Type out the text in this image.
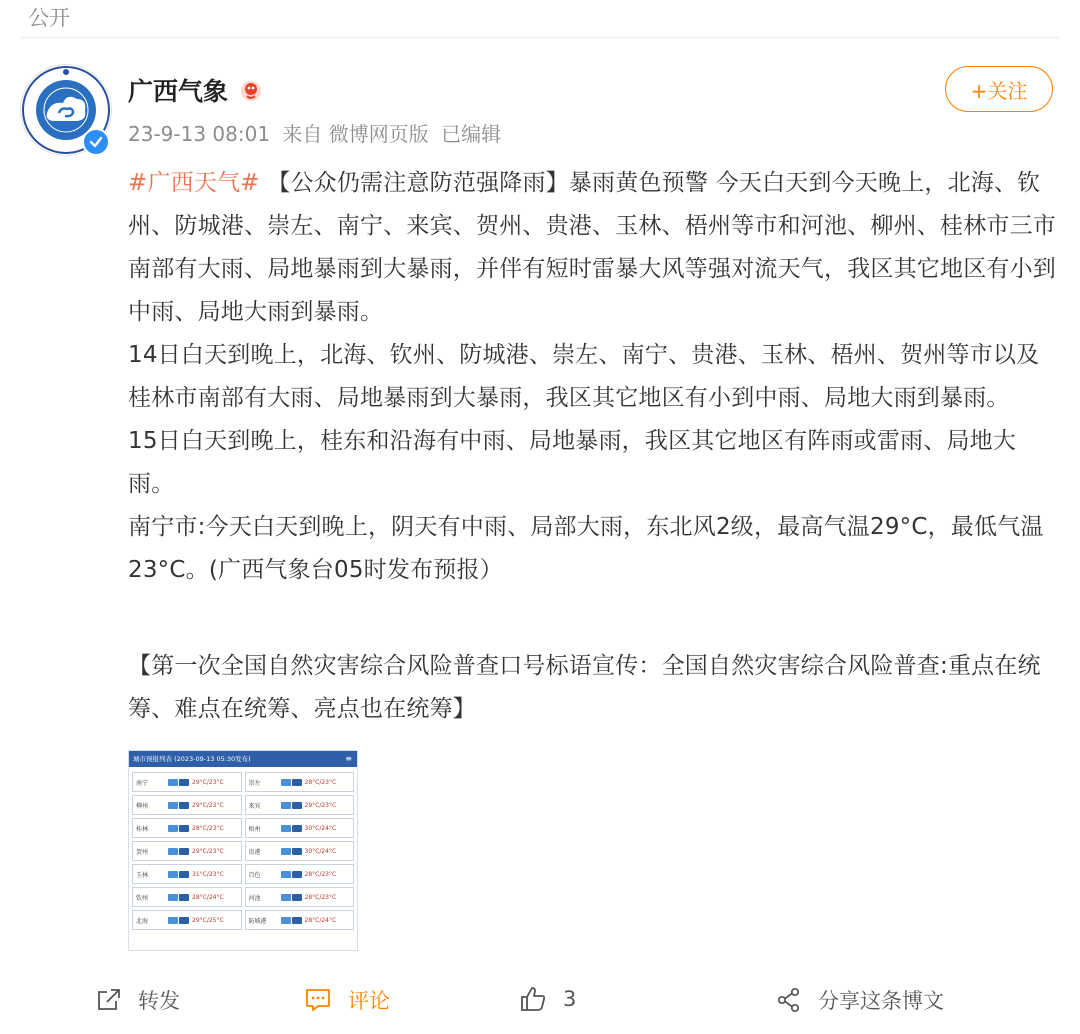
公开
广西气象
23-9-13 08:01 来自 微博网页版 已编辑
+关注

#广西天气# 【公众仍需注意防范强降雨】暴雨黄色预警 今天白天到今天晚上，北海、钦州、防城港、崇左、南宁、来宾、贺州、贵港、玉林、梧州等市和河池、柳州、桂林市三市南部有大雨、局地暴雨到大暴雨，并伴有短时雷暴大风等强对流天气，我区其它地区有小到中雨、局地大雨到暴雨。

14日白天到晚上，北海、钦州、防城港、崇左、南宁、贵港、玉林、梧州、贺州等市以及桂林市南部有大雨、局地暴雨到大暴雨，我区其它地区有小到中雨、局地大雨到暴雨。

15日白天到晚上，桂东和沿海有中雨、局地暴雨，我区其它地区有阵雨或雷雨、局地大雨。

南宁市:今天白天到晚上，阴天有中雨、局部大雨，东北风2级，最高气温29°C，最低气温23°C。(广西气象台05时发布预报）

【第一次全国自然灾害综合风险普查口号标语宣传：全国自然灾害综合风险普查:重点在统筹、难点在统筹、亮点也在统筹】

城市预报列表 (2023-09-13 05:30发布)	≡
南宁	29°C/23°C	崇左	28°C/23°C
柳州	29°C/23°C	来宾	29°C/23°C
桂林	28°C/23°C	梧州	30°C/24°C
贺州	29°C/23°C	贵港	30°C/24°C
玉林	31°C/23°C	百色	28°C/23°C
钦州	28°C/24°C	河池	28°C/23°C
北海	29°C/25°C	防城港	28°C/24°C
转发	评论	3	分享这条博文
